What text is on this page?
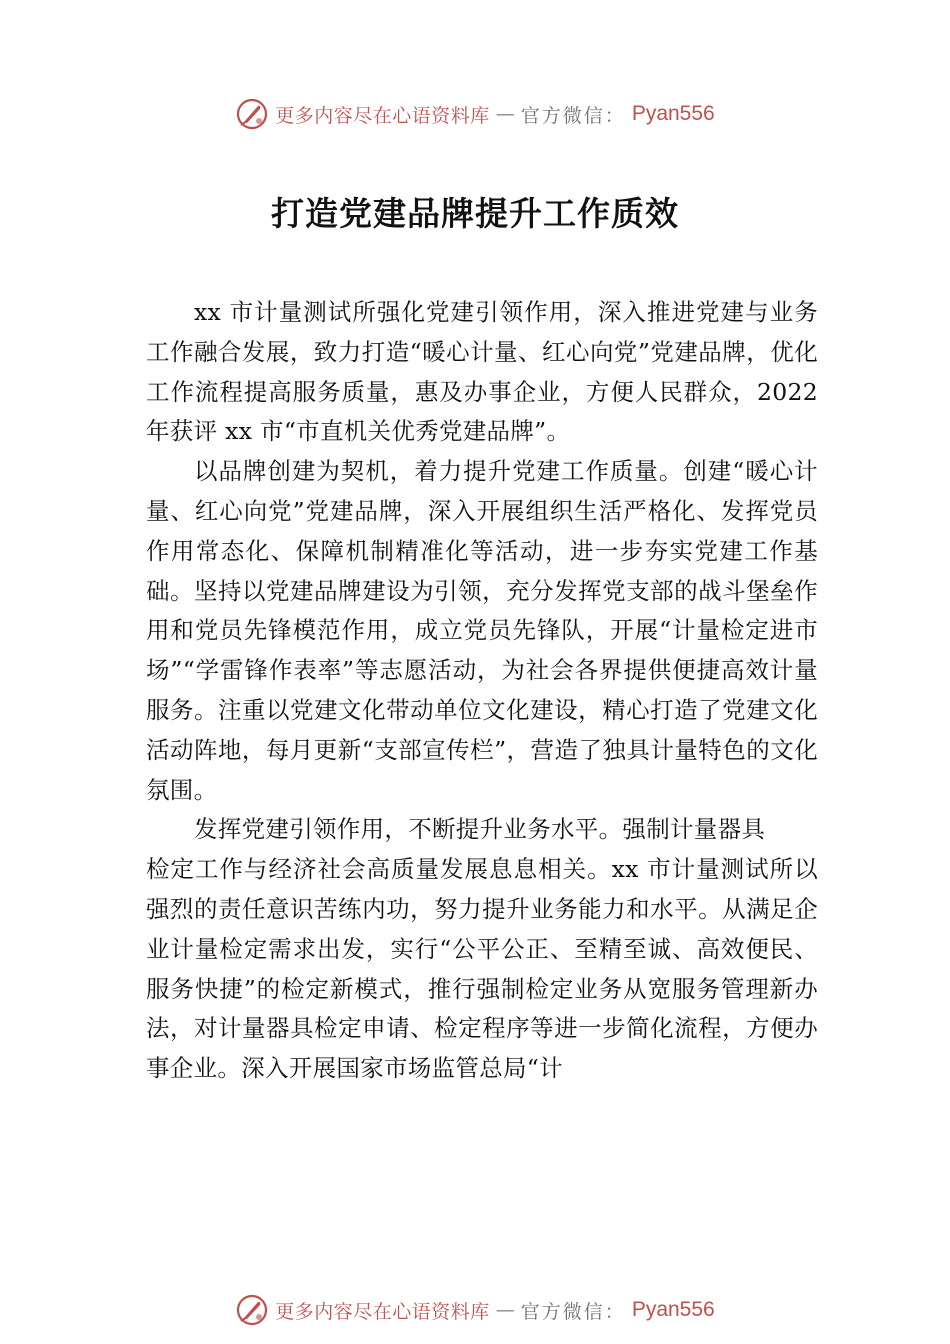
更多内容尽在心语资料库 — 官方微信： Pyan556
打造党建品牌提升工作质效

xx 市计量测试所强化党建引领作用，深入推进党建与业务工作融合发展，致力打造“暖心计量、红心向党”党建品牌，优化工作流程提高服务质量，惠及办事企业，方便人民群众，2022 年获评 xx 市“市直机关优秀党建品牌”。

以品牌创建为契机，着力提升党建工作质量。创建“暖心计量、红心向党”党建品牌，深入开展组织生活严格化、发挥党员作用常态化、保障机制精准化等活动，进一步夯实党建工作基础。坚持以党建品牌建设为引领，充分发挥党支部的战斗堡垒作用和党员先锋模范作用，成立党员先锋队，开展“计量检定进市场”“学雷锋作表率”等志愿活动，为社会各界提供便捷高效计量服务。注重以党建文化带动单位文化建设，精心打造了党建文化活动阵地，每月更新“支部宣传栏”，营造了独具计量特色的文化氛围。

发挥党建引领作用，不断提升业务水平。强制计量器具

检定工作与经济社会高质量发展息息相关。xx 市计量测试所以强烈的责任意识苦练内功，努力提升业务能力和水平。从满足企业计量检定需求出发，实行“公平公正、至精至诚、高效便民、服务快捷”的检定新模式，推行强制检定业务从宽服务管理新办法，对计量器具检定申请、检定程序等进一步简化流程，方便办事企业。深入开展国家市场监管总局“计

更多内容尽在心语资料库 — 官方微信： Pyan556
